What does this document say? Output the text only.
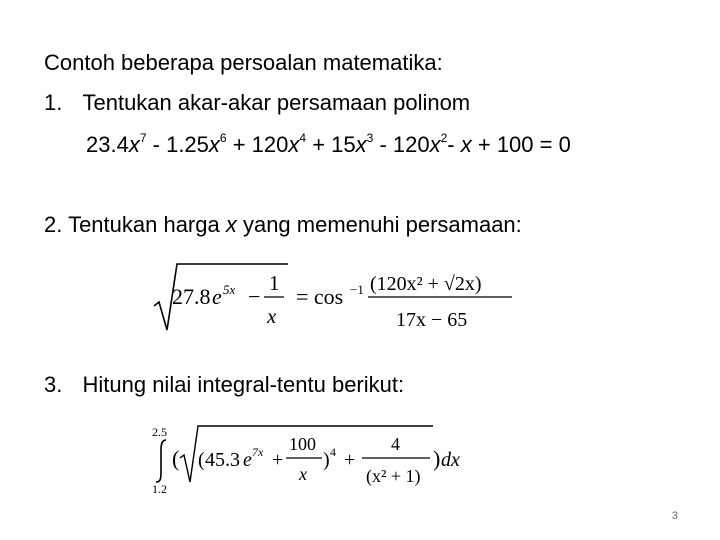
Contoh beberapa persoalan matematika:
1. Tentukan akar-akar persamaan polinom
$23.4x^7 - 1.25x^6 + 120x^4 + 15x^3 - 120x^2-$ x + 100 = 0
2. Tentukan harga x yang memenuhi persamaan:
27.8 e 5x −
1
x
= cos −1 (120x² + √2x)
17x − 65
3. Hitung nilai integral-tentu berikut:
2.5
1.2
( ( 45.3 e 7x +
100
x
) 4 +
4
(x² + 1)
) dx
3
